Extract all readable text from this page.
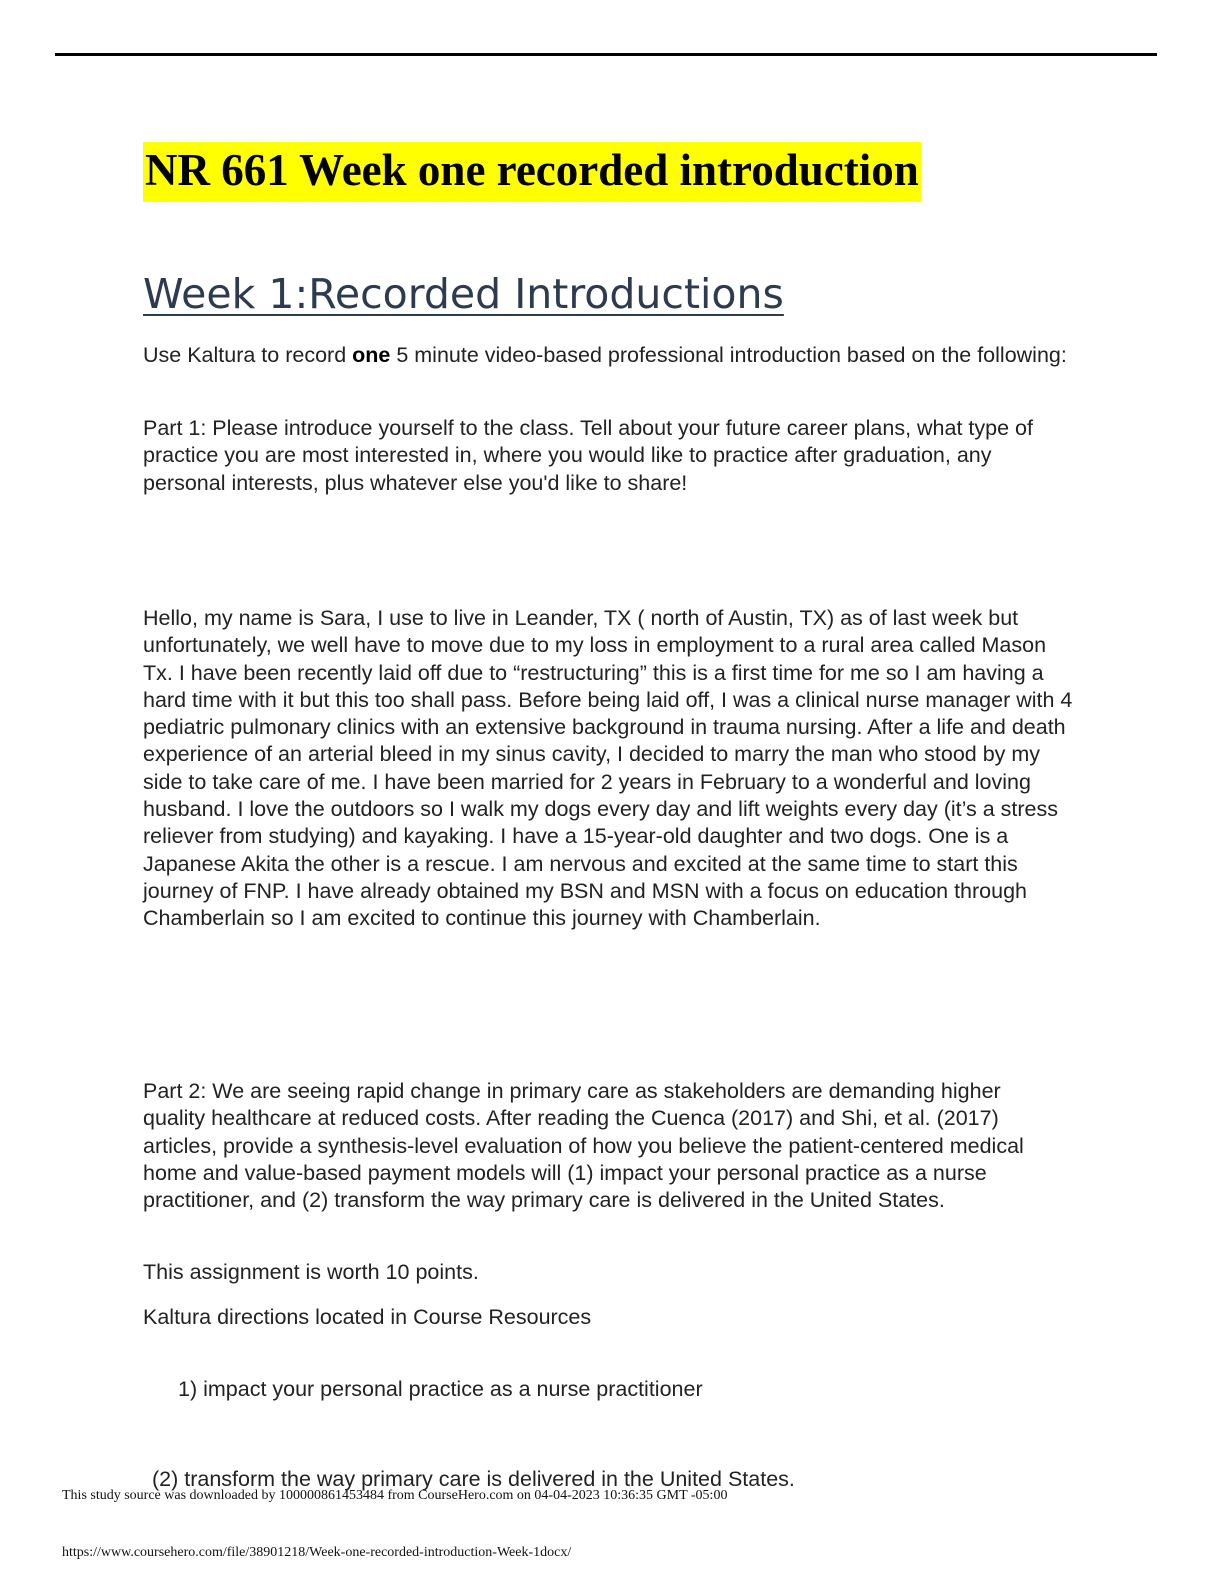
NR 661 Week one recorded introduction
Week 1:Recorded Introductions

Use Kaltura to record one 5 minute video-based professional introduction based on the following:

Part 1: Please introduce yourself to the class. Tell about your future career plans, what type of practice you are most interested in, where you would like to practice after graduation, any personal interests, plus whatever else you'd like to share!

Hello, my name is Sara, I use to live in Leander, TX ( north of Austin, TX) as of last week but unfortunately, we well have to move due to my loss in employment to a rural area called Mason Tx. I have been recently laid off due to “restructuring” this is a first time for me so I am having a hard time with it but this too shall pass. Before being laid off, I was a clinical nurse manager with 4 pediatric pulmonary clinics with an extensive background in trauma nursing. After a life and death experience of an arterial bleed in my sinus cavity, I decided to marry the man who stood by my side to take care of me. I have been married for 2 years in February to a wonderful and loving husband. I love the outdoors so I walk my dogs every day and lift weights every day (it’s a stress reliever from studying) and kayaking. I have a 15-year-old daughter and two dogs. One is a Japanese Akita the other is a rescue. I am nervous and excited at the same time to start this journey of FNP. I have already obtained my BSN and MSN with a focus on education through Chamberlain so I am excited to continue this journey with Chamberlain.

Part 2: We are seeing rapid change in primary care as stakeholders are demanding higher quality healthcare at reduced costs. After reading the Cuenca (2017) and Shi, et al. (2017) articles, provide a synthesis-level evaluation of how you believe the patient-centered medical home and value-based payment models will (1) impact your personal practice as a nurse practitioner, and (2) transform the way primary care is delivered in the United States.

This assignment is worth 10 points.

Kaltura directions located in Course Resources

1) impact your personal practice as a nurse practitioner
(2) transform the way primary care is delivered in the United States.
This study source was downloaded by 100000861453484 from CourseHero.com on 04-04-2023 10:36:35 GMT -05:00
https://www.coursehero.com/file/38901218/Week-one-recorded-introduction-Week-1docx/
